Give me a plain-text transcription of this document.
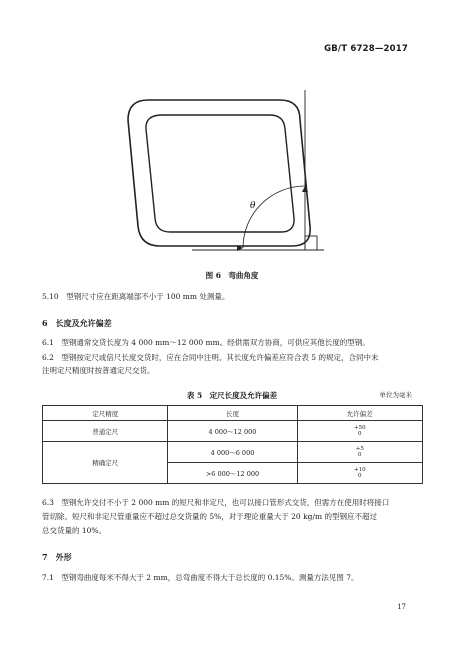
GB/T 6728—2017
θ
图 6　弯曲角度
5.10　型钢尺寸应在距离端部不小于 100 mm 处测量。
6　长度及允许偏差
6.1　型钢通常交货长度为 4 000 mm～12 000 mm。经供需双方协商，可供应其他长度的型钢。
6.2　型钢按定尺或倍尺长度交货时，应在合同中注明。其长度允许偏差应符合表 5 的规定，合同中未
注明定尺精度时按普通定尺交货。
表 5　定尺长度及允许偏差	单位为毫米
定尺精度	长度	允许偏差
普通定尺	4 000～12 000	+50
0

精确定尺	4 000～6 000	+5
0

	>6 000～12 000	+10
0
6.3　型钢允许交付不小于 2 000 mm 的短尺和非定尺，也可以接口管形式交货，但需方在使用时将接口
管切除。短尺和非定尺管重量应不超过总交货量的 5%，对于理论重量大于 20 kg/m 的型钢应不超过
总交货量的 10%。
7　外形
7.1　型钢弯曲度每米不得大于 2 mm，总弯曲度不得大于总长度的 0.15%。测量方法见图 7。
17
